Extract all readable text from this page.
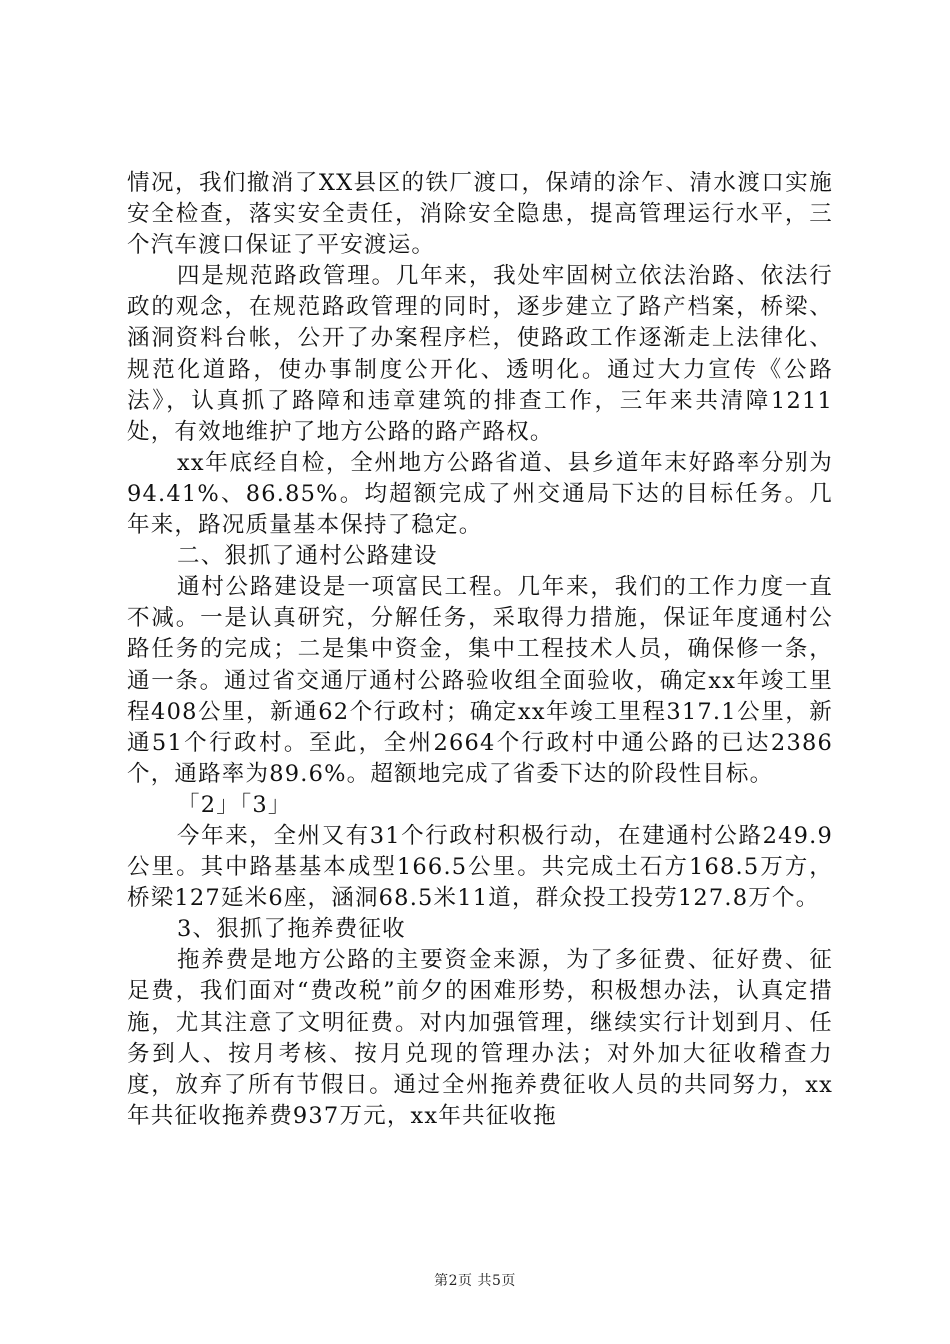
情况，我们撤消了XX县区的铁厂渡口，保靖的涂乍、清水渡口实施安全检查，落实安全责任，消除安全隐患，提高管理运行水平，三个汽车渡口保证了平安渡运。

四是规范路政管理。几年来，我处牢固树立依法治路、依法行政的观念，在规范路政管理的同时，逐步建立了路产档案，桥梁、涵洞资料台帐，公开了办案程序栏，使路政工作逐渐走上法律化、规范化道路，使办事制度公开化、透明化。通过大力宣传《公路法》，认真抓了路障和违章建筑的排查工作，三年来共清障1211处，有效地维护了地方公路的路产路权。

xx年底经自检，全州地方公路省道、县乡道年末好路率分别为94.41%、86.85%。均超额完成了州交通局下达的目标任务。几年来，路况质量基本保持了稳定。

二、狠抓了通村公路建设

通村公路建设是一项富民工程。几年来，我们的工作力度一直不减。一是认真研究，分解任务，采取得力措施，保证年度通村公路任务的完成；二是集中资金，集中工程技术人员，确保修一条，通一条。通过省交通厅通村公路验收组全面验收，确定xx年竣工里程408公里，新通62个行政村；确定xx年竣工里程317.1公里，新通51个行政村。至此，全州2664个行政村中通公路的已达2386个，通路率为89.6%。超额地完成了省委下达的阶段性目标。

「2」「3」

今年来，全州又有31个行政村积极行动，在建通村公路249.9公里。其中路基基本成型166.5公里。共完成土石方168.5万方，桥梁127延米6座，涵洞68.5米11道，群众投工投劳127.8万个。

3、狠抓了拖养费征收

拖养费是地方公路的主要资金来源，为了多征费、征好费、征足费，我们面对“费改税”前夕的困难形势，积极想办法，认真定措施，尤其注意了文明征费。对内加强管理，继续实行计划到月、任务到人、按月考核、按月兑现的管理办法；对外加大征收稽查力度，放弃了所有节假日。通过全州拖养费征收人员的共同努力，xx年共征收拖养费937万元，xx年共征收拖

第2页 共5页
